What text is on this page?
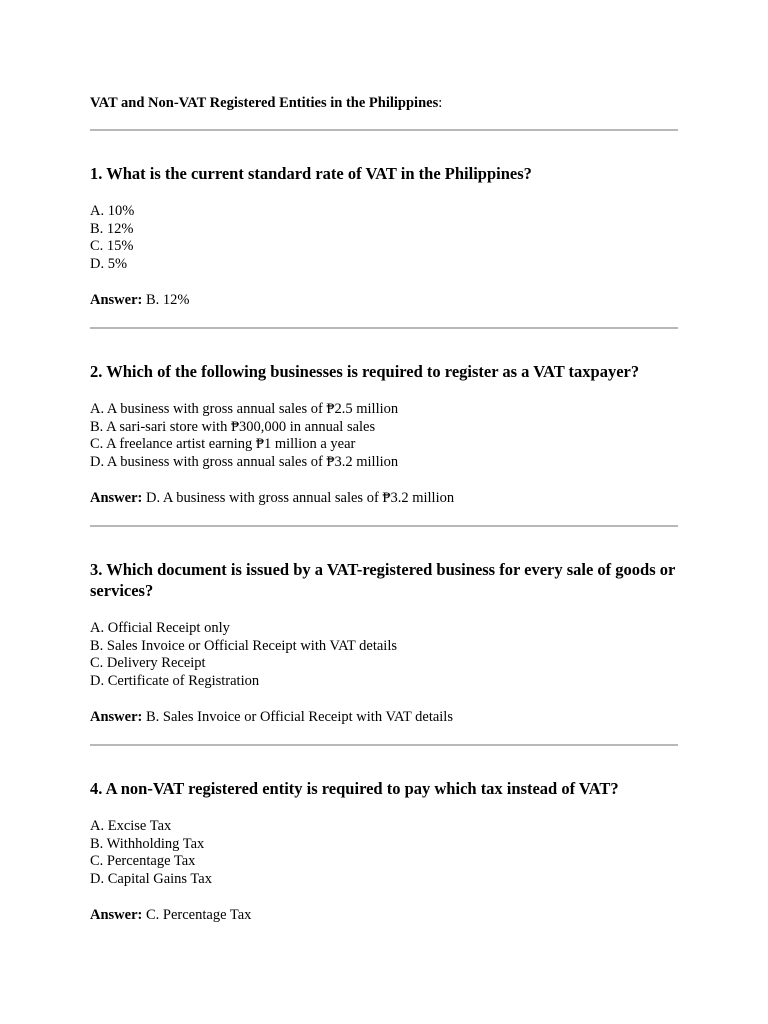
VAT and Non-VAT Registered Entities in the Philippines:

1. What is the current standard rate of VAT in the Philippines?
A. 10%
B. 12%
C. 15%
D. 5%

Answer: B. 12%

2. Which of the following businesses is required to register as a VAT taxpayer?
A. A business with gross annual sales of ₱2.5 million
B. A sari-sari store with ₱300,000 in annual sales
C. A freelance artist earning ₱1 million a year
D. A business with gross annual sales of ₱3.2 million

Answer: D. A business with gross annual sales of ₱3.2 million

3. Which document is issued by a VAT-registered business for every sale of goods or services?
A. Official Receipt only
B. Sales Invoice or Official Receipt with VAT details
C. Delivery Receipt
D. Certificate of Registration

Answer: B. Sales Invoice or Official Receipt with VAT details

4. A non-VAT registered entity is required to pay which tax instead of VAT?
A. Excise Tax
B. Withholding Tax
C. Percentage Tax
D. Capital Gains Tax

Answer: C. Percentage Tax
